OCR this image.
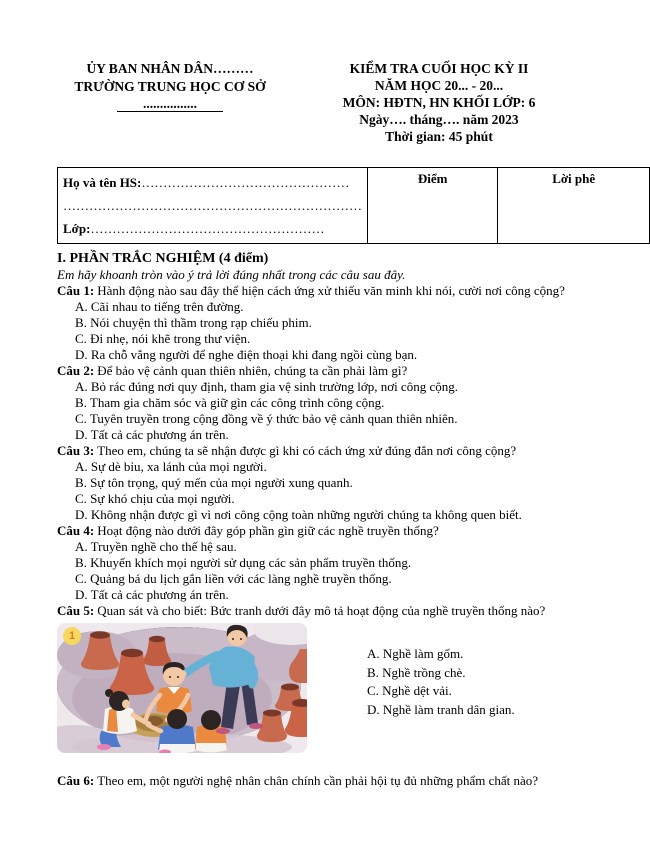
ỦY BAN NHÂN DÂN………
TRƯỜNG TRUNG HỌC CƠ SỞ
................
KIỂM TRA CUỐI HỌC KỲ II
NĂM HỌC 20... - 20...
MÔN: HĐTN, HN KHỐI LỚP: 6
Ngày…. tháng…. năm 2023
Thời gian: 45 phút
Họ và tên HS:…………………………………………
……………………………………………………………
Lớp:………………………………………………

Điểm	Lời phê
I. PHẦN TRẮC NGHIỆM (4 điểm)
Em hãy khoanh tròn vào ý trả lời đúng nhất trong các câu sau đây.
Câu 1: Hành động nào sau đây thể hiện cách ứng xử thiếu văn minh khi nói, cười nơi công cộng?
A. Cãi nhau to tiếng trên đường.
B. Nói chuyện thì thầm trong rạp chiếu phim.
C. Đi nhẹ, nói khẽ trong thư viện.
D. Ra chỗ vắng người để nghe điện thoại khi đang ngồi cùng bạn.
Câu 2: Để bảo vệ cảnh quan thiên nhiên, chúng ta cần phải làm gì?
A. Bỏ rác đúng nơi quy định, tham gia vệ sinh trường lớp, nơi công cộng.
B. Tham gia chăm sóc và giữ gìn các công trình công cộng.
C. Tuyên truyền trong cộng đồng về ý thức bảo vệ cảnh quan thiên nhiên.
D. Tất cả các phương án trên.
Câu 3: Theo em, chúng ta sẽ nhận được gì khi có cách ứng xử đúng đắn nơi công cộng?
A. Sự dè bỉu, xa lánh của mọi người.
B. Sự tôn trọng, quý mến của mọi người xung quanh.
C. Sự khó chịu của mọi người.
D. Không nhận được gì vì nơi công cộng toàn những người chúng ta không quen biết.
Câu 4: Hoạt động nào dưới đây góp phần gìn giữ các nghề truyền thống?
A. Truyền nghề cho thế hệ sau.
B. Khuyến khích mọi người sử dụng các sản phẩm truyền thống.
C. Quảng bá du lịch gắn liền với các làng nghề truyền thống.
D. Tất cả các phương án trên.
Câu 5: Quan sát và cho biết: Bức tranh dưới đây mô tả hoạt động của nghề truyền thống nào?
1
A. Nghề làm gốm.
B. Nghề trồng chè.
C. Nghề dệt vải.
D. Nghề làm tranh dân gian.
Câu 6: Theo em, một người nghệ nhân chân chính cần phải hội tụ đủ những phẩm chất nào?
